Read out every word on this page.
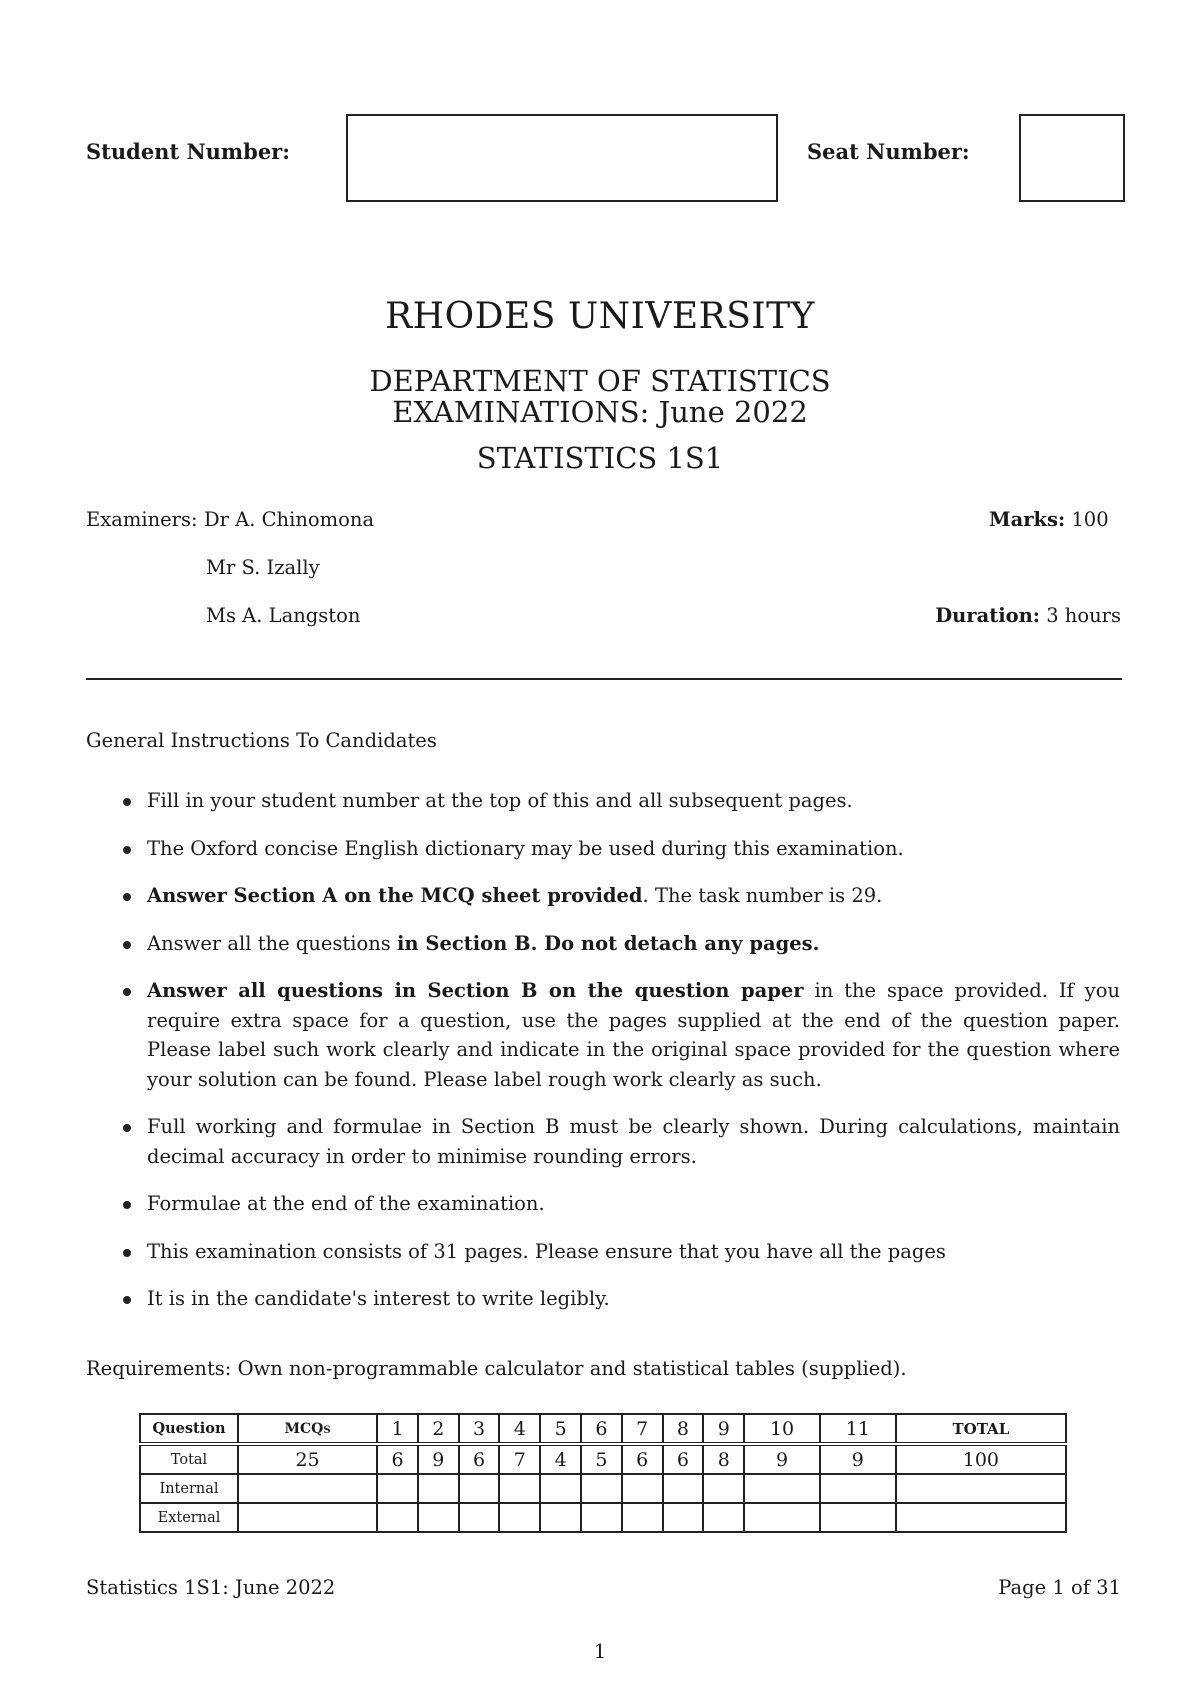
Student Number:	Seat Number:
RHODES UNIVERSITY
DEPARTMENT OF STATISTICS
EXAMINATIONS: June 2022
STATISTICS 1S1
Examiners: Dr A. Chinomona
Mr S. Izally
Ms A. Langston
Marks: 100
Duration: 3 hours
General Instructions To Candidates
Fill in your student number at the top of this and all subsequent pages.
The Oxford concise English dictionary may be used during this examination.
Answer Section A on the MCQ sheet provided. The task number is 29.
Answer all the questions in Section B. Do not detach any pages.
Answer all questions in Section B on the question paper in the space provided. If you require extra space for a question, use the pages supplied at the end of the question paper. Please label such work clearly and indicate in the original space provided for the question where your solution can be found. Please label rough work clearly as such.
Full working and formulae in Section B must be clearly shown. During calculations, maintain decimal accuracy in order to minimise rounding errors.
Formulae at the end of the examination.
This examination consists of 31 pages. Please ensure that you have all the pages
It is in the candidate's interest to write legibly.
Requirements: Own non-programmable calculator and statistical tables (supplied).
Question	MCQs	1	2	3	4	5	6	7	8	9	10	11	TOTAL
Total	25	6	9	6	7	4	5	6	6	8	9	9	100
Internal													
External													
Statistics 1S1: June 2022	Page 1 of 31
1
